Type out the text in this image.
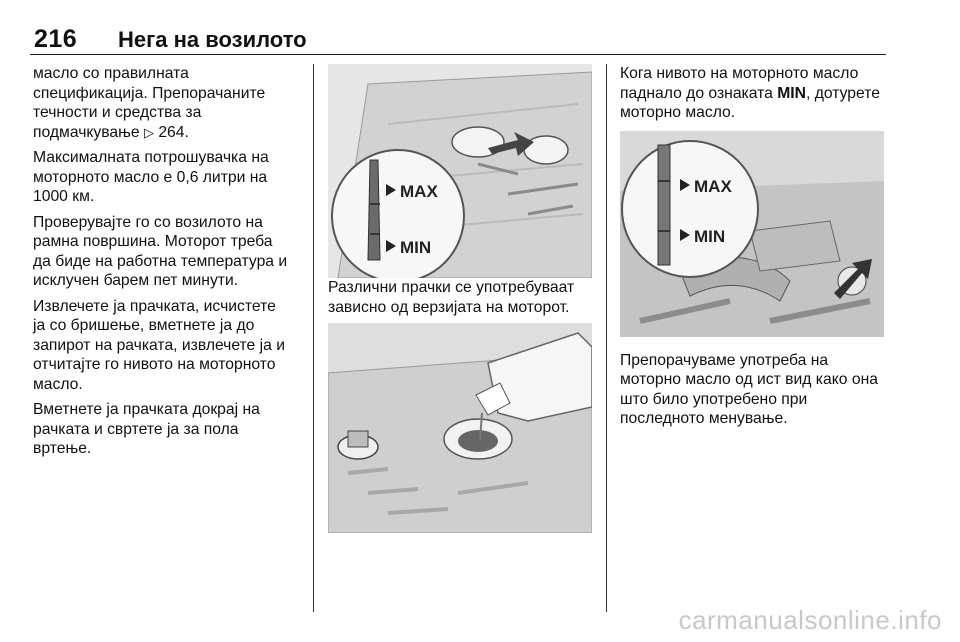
216 Нега на возилото

масло со правилната
спецификација. Препорачаните
течности и средства за
подмачкување ▷ 264.

Максималната потрошувачка на
моторното масло е 0,6 литри на
1000 км.

Проверувајте го со возилото на
рамна површина. Моторот треба
да биде на работна температура и
исклучен барем пет минути.

Извлечете ја прачката, исчистете
ја со бришење, вметнете ја до
запирот на рачката, извлечете ја и
отчитајте го нивото на моторното
масло.

Вметнете ја прачката докрај на
рачката и свртете ја за пола
вртење.

MAX
MIN

Различни прачки се употребуваат
зависно од верзијата на моторот.

Кога нивото на моторното масло
паднало до ознаката MIN, дотурете
моторно масло.

MAX
MIN

Препорачуваме употреба на
моторно масло од ист вид како она
што било употребено при
последното менување.

carmanualsonline.info
